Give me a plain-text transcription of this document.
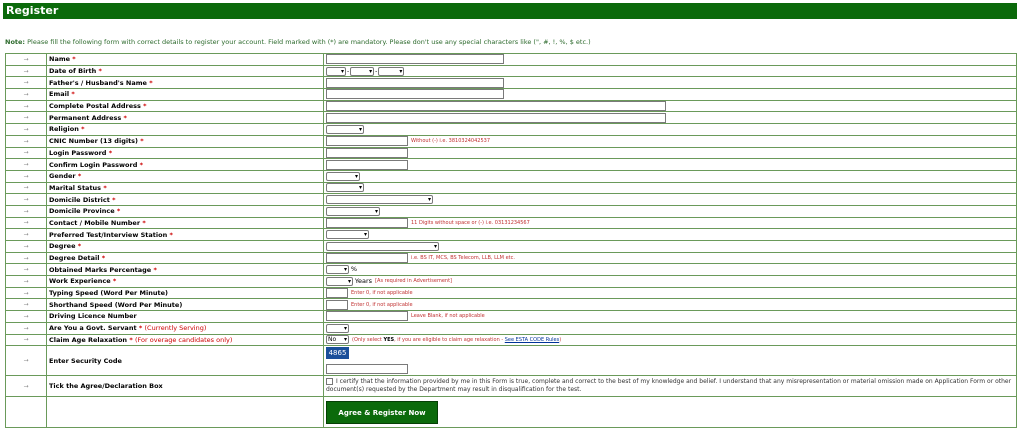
Register
Note: Please fill the following form with correct details to register your account. Field marked with (*) are mandatory. Please don't use any special characters like (", #, !, %, $ etc.)
→	Name *	
→	Date of Birth *	▾- ▾ -▾
→	Father's / Husband's Name *	
→	Email *	
→	Complete Postal Address *	
→	Permanent Address *	
→	Religion *	▾
→	CNIC Number (13 digits) *	Without (-) i.e. 3810324042537
→	Login Password *	
→	Confirm Login Password *	
→	Gender *	▾
→	Marital Status *	▾
→	Domicile District *	▾
→	Domicile Province *	▾
→	Contact / Mobile Number *	11 Digits without space or (-) i.e. 03131234567
→	Preferred Test/Interview Station *	▾
→	Degree *	▾
→	Degree Detail *	i.e. BS IT, MCS, BS Telecom, LLB, LLM etc.
→	Obtained Marks Percentage *	▾%
→	Work Experience *	▾Years [As required in Advertisement]
→	Typing Speed (Word Per Minute)	Enter 0, if not applicable
→	Shorthand Speed (Word Per Minute)	Enter 0, if not applicable
→	Driving Licence Number	Leave Blank, if not applicable
→	Are You a Govt. Servant * (Currently Serving)	▾
→	Claim Age Relaxation * (For overage candidates only)	No ▾ (Only select YES, if you are eligible to claim age relaxation - See ESTA CODE Rules)
→	Enter Security Code	4865

→	Tick the Agree/Declaration Box	I certify that the information provided by me in this Form is true, complete and correct to the best of my knowledge and belief. I understand that any misrepresentation or material omission made on Application Form or other document(s) requested by the Department may result in disqualification for the test.
		Agree & Register Now
